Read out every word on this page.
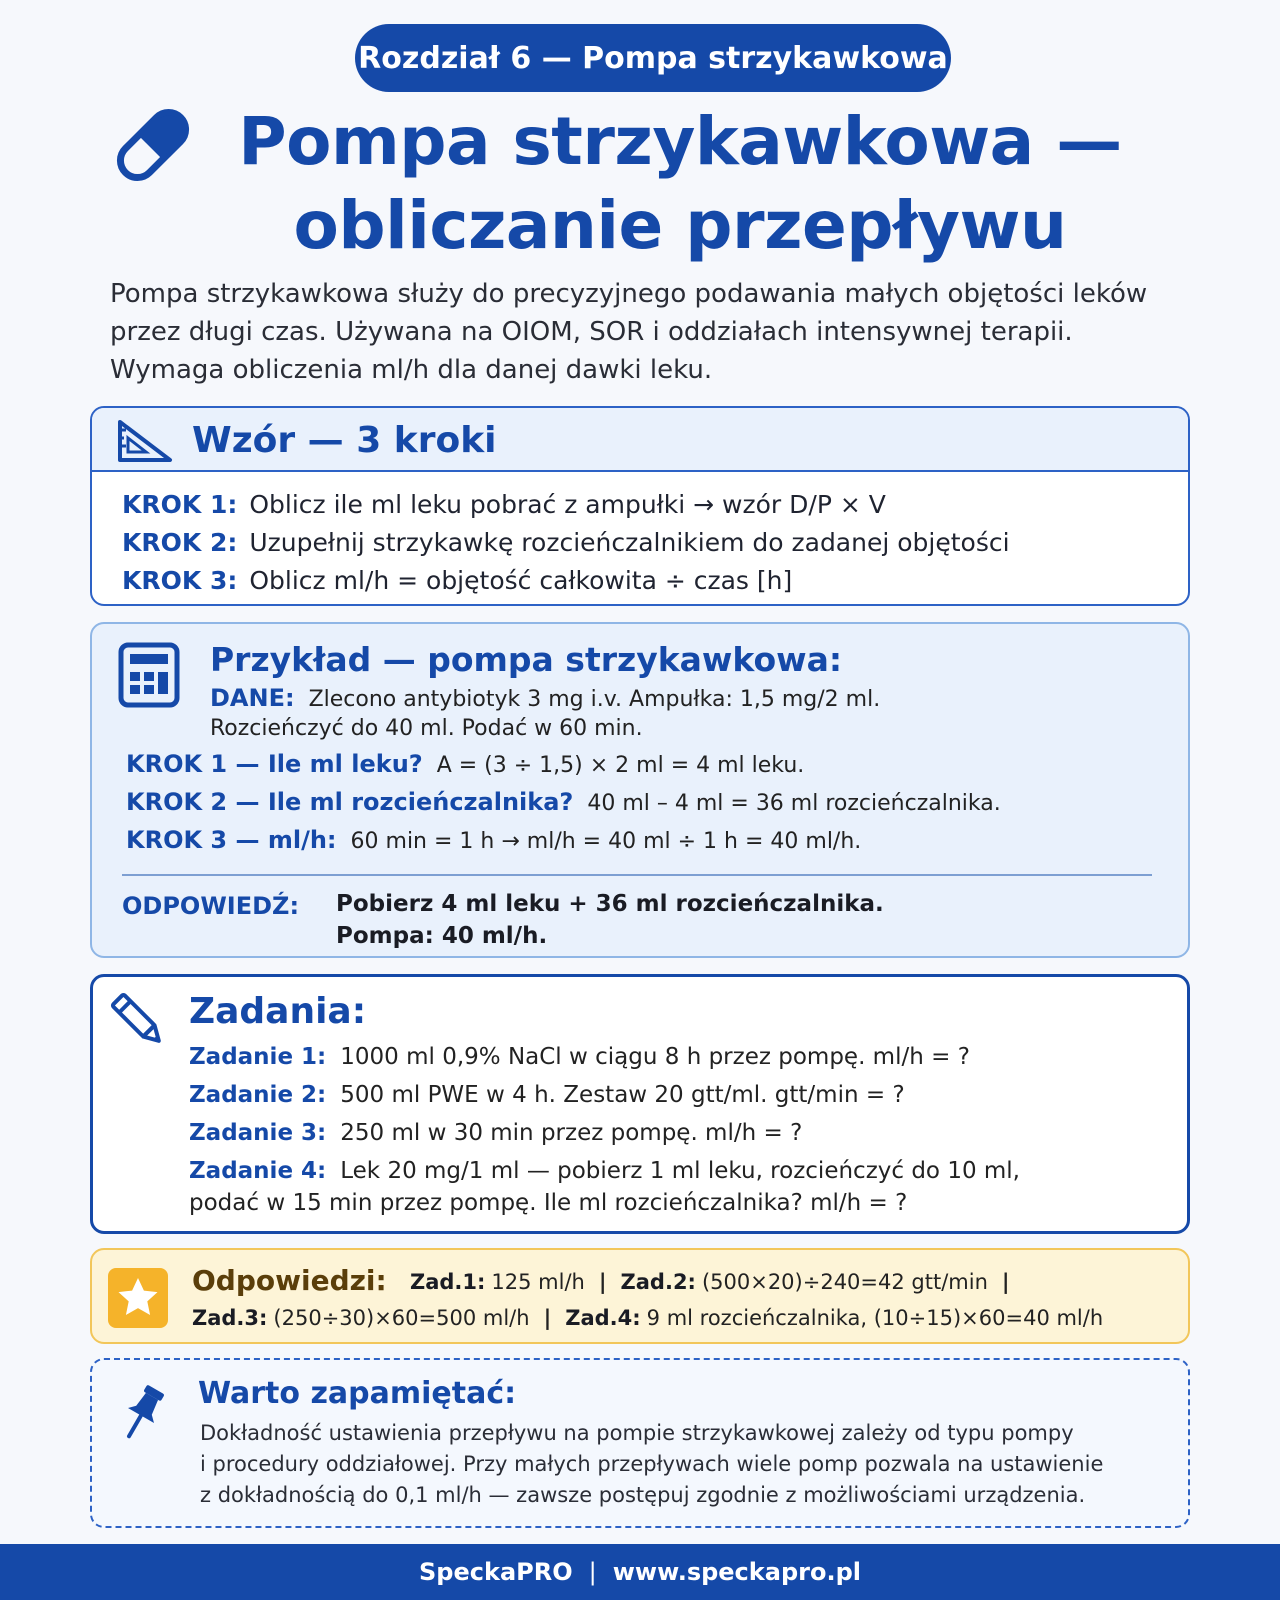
Rozdział 6 — Pompa strzykawkowa
Pompa strzykawkowa —
obliczanie przepływu

Pompa strzykawkowa służy do precyzyjnego podawania małych objętości leków przez długi czas. Używana na OIOM, SOR i oddziałach intensywnej terapii. Wymaga obliczenia ml/h dla danej dawki leku.

Wzór — 3 kroki
KROK 1: Oblicz ile ml leku pobrać z ampułki → wzór D/P × V
KROK 2: Uzupełnij strzykawkę rozcieńczalnikiem do zadanej objętości
KROK 3: Oblicz ml/h = objętość całkowita ÷ czas [h]
Przykład — pompa strzykawkowa:
DANE: Zlecono antybiotyk 3 mg i.v. Ampułka: 1,5 mg/2 ml.
Rozcieńczyć do 40 ml. Podać w 60 min.
KROK 1 — Ile ml leku? A = (3 ÷ 1,5) × 2 ml = 4 ml leku.
KROK 2 — Ile ml rozcieńczalnika? 40 ml – 4 ml = 36 ml rozcieńczalnika.
KROK 3 — ml/h: 60 min = 1 h → ml/h = 40 ml ÷ 1 h = 40 ml/h.
ODPOWIEDŹ: Pobierz 4 ml leku + 36 ml rozcieńczalnika.
Pompa: 40 ml/h.
Zadania:
Zadanie 1: 1000 ml 0,9% NaCl w ciągu 8 h przez pompę. ml/h = ?
Zadanie 2: 500 ml PWE w 4 h. Zestaw 20 gtt/ml. gtt/min = ?
Zadanie 3: 250 ml w 30 min przez pompę. ml/h = ?
Zadanie 4: Lek 20 mg/1 ml — pobierz 1 ml leku, rozcieńczyć do 10 ml,
podać w 15 min przez pompę. Ile ml rozcieńczalnika? ml/h = ?
Odpowiedzi: Zad.1: 125 ml/h | Zad.2: (500×20)÷240=42 gtt/min |
Zad.3: (250÷30)×60=500 ml/h | Zad.4: 9 ml rozcieńczalnika, (10÷15)×60=40 ml/h
Warto zapamiętać:
Dokładność ustawienia przepływu na pompie strzykawkowej zależy od typu pompy
i procedury oddziałowej. Przy małych przepływach wiele pomp pozwala na ustawienie
z dokładnością do 0,1 ml/h — zawsze postępuj zgodnie z możliwościami urządzenia.
SpeckaPRO | www.speckapro.pl
